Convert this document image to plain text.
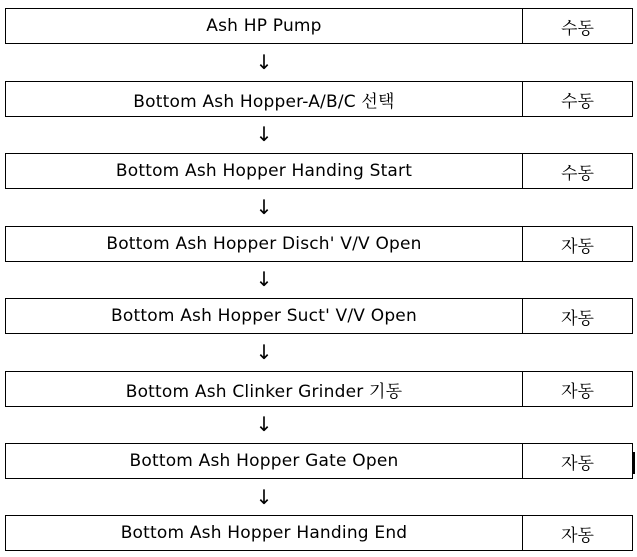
Ash HP Pump	수동
↓
Bottom Ash Hopper-A/B/C 선택	수동
↓
Bottom Ash Hopper Handing Start	수동
↓
Bottom Ash Hopper Disch' V/V Open	자동
↓
Bottom Ash Hopper Suct' V/V Open	자동
↓
Bottom Ash Clinker Grinder 기동	자동
↓
Bottom Ash Hopper Gate Open	자동
↓
Bottom Ash Hopper Handing End	자동
